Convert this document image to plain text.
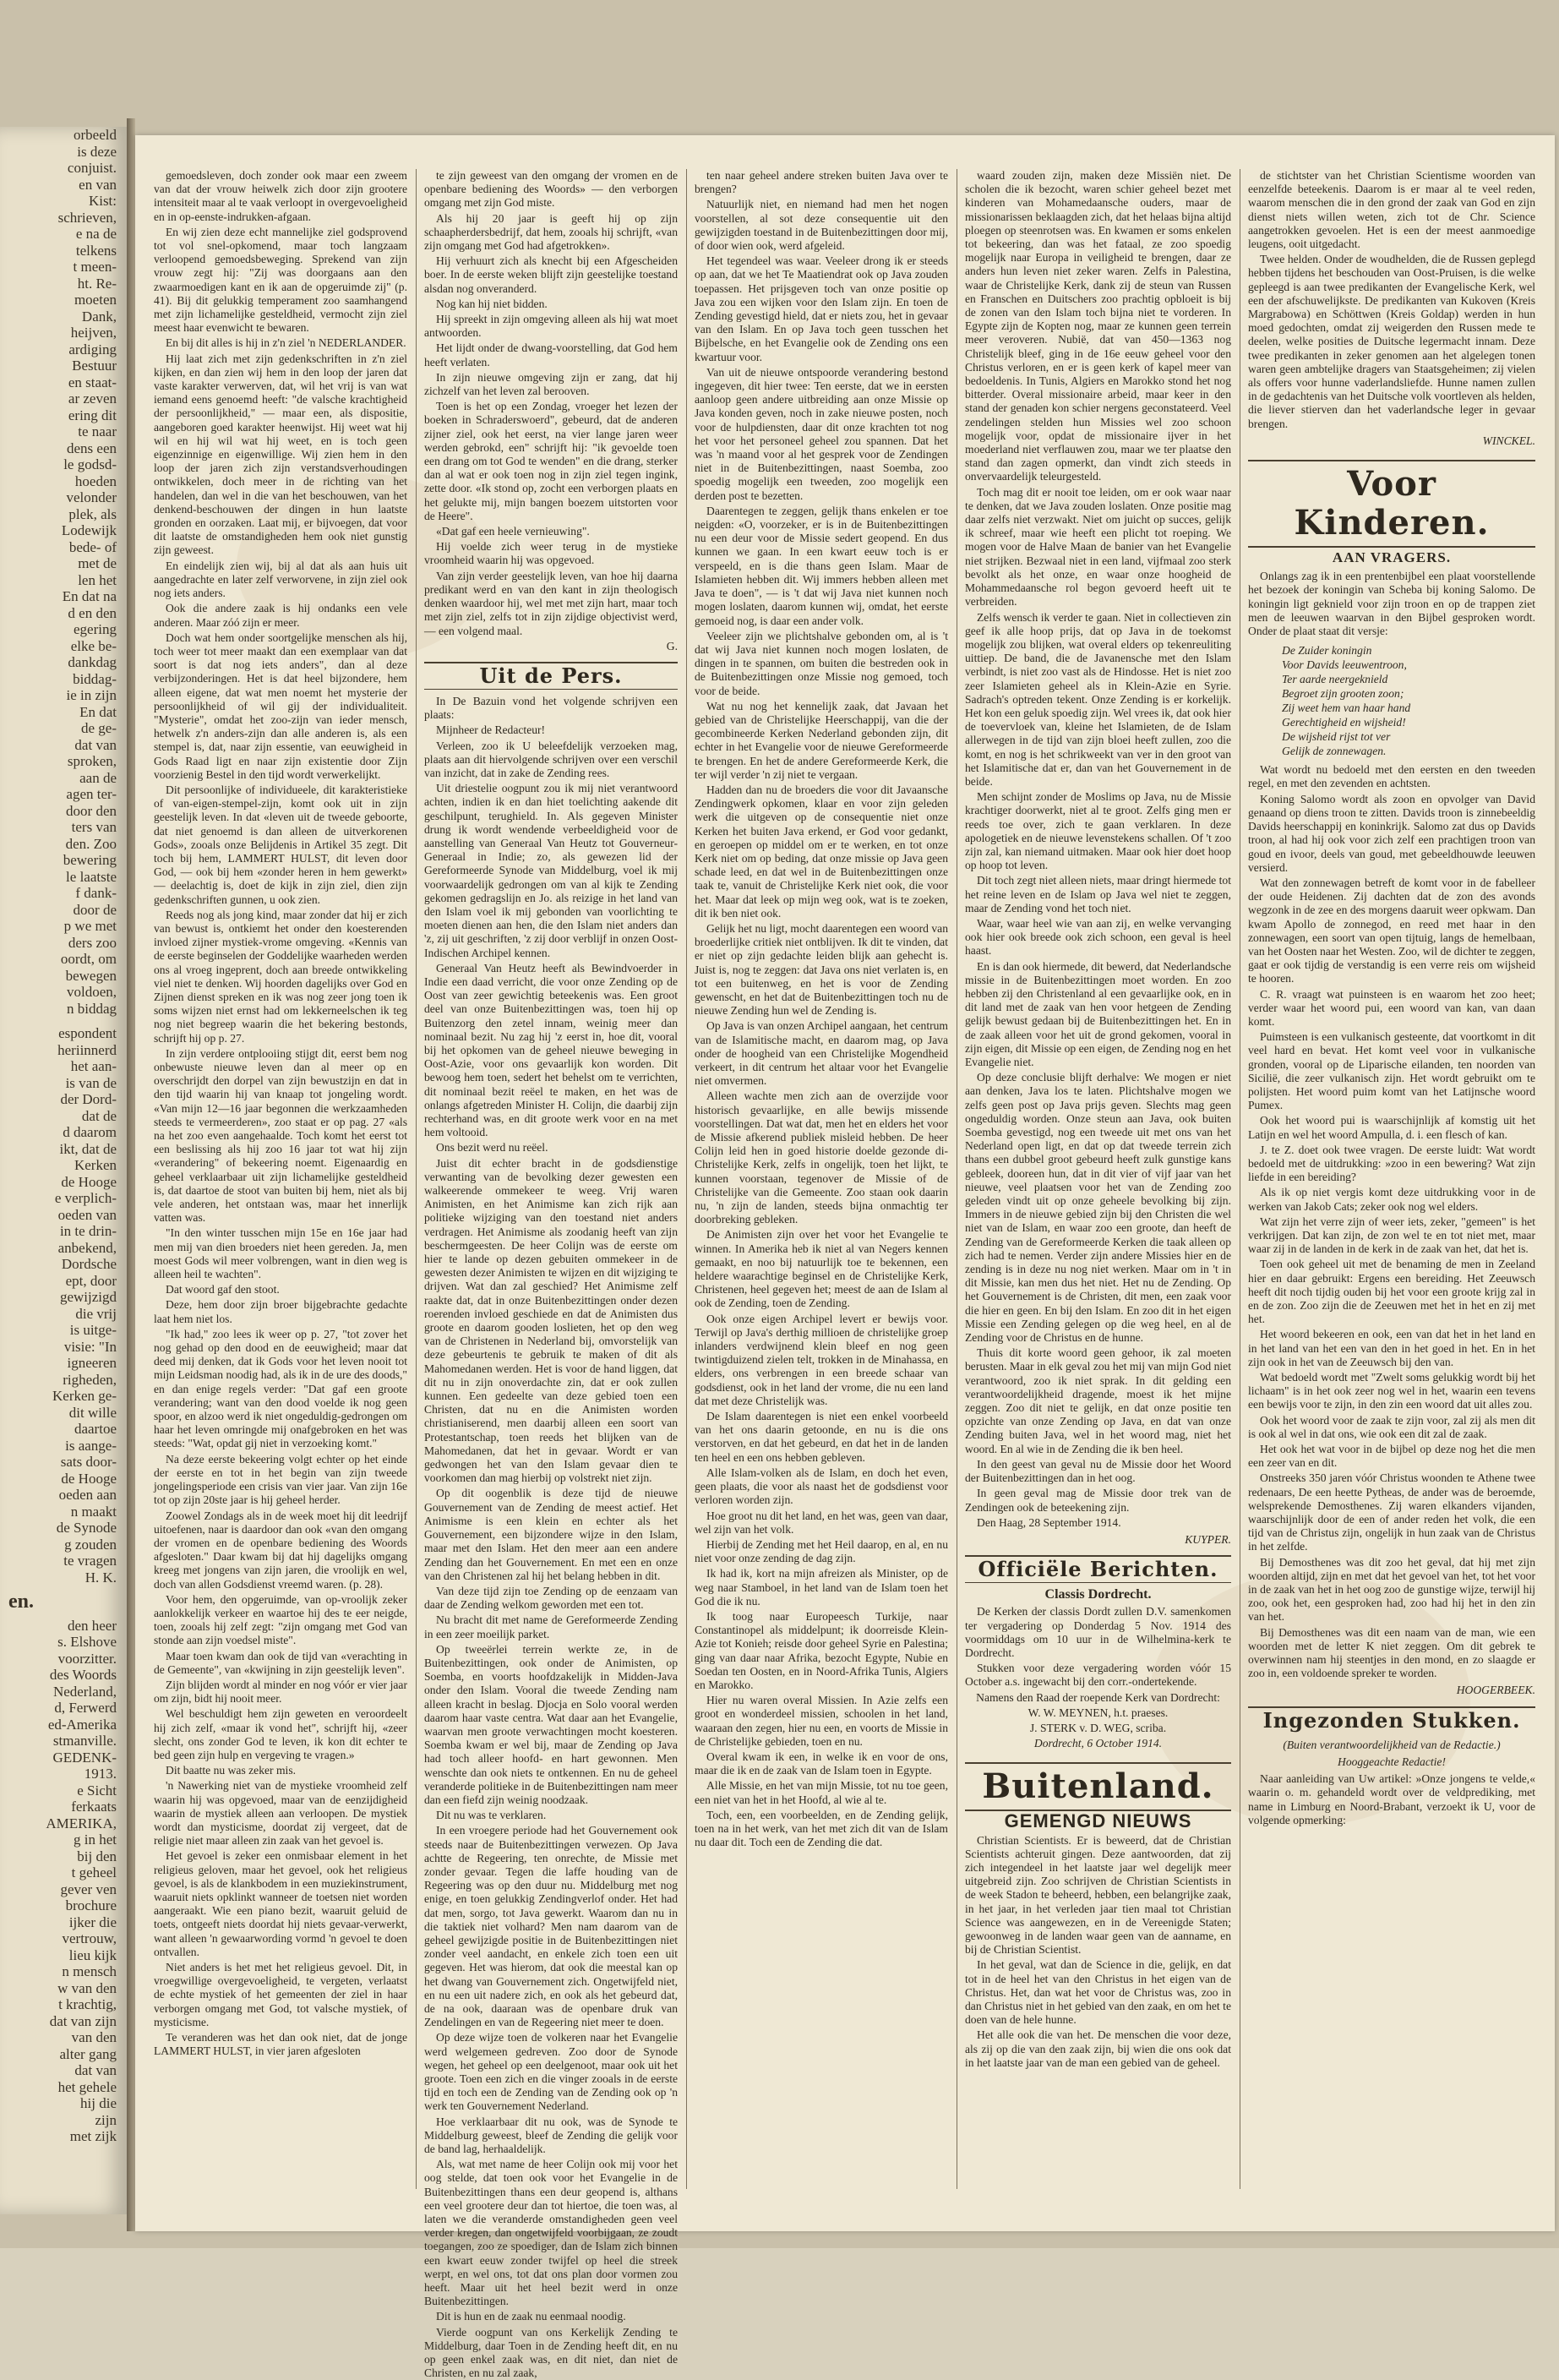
orbeeld
is deze
conjuist.
en van
Kist:
schrieven,
e na de
telkens
t meen-
ht. Re-
moeten
Dank,
heijven,
ardiging
Bestuur
en staat-
ar zeven
ering dit
te naar
dens een
le godsd-
hoeden
velonder
plek, als
Lodewijk
bede- of
met de
len het
En dat na
d en den
egering
elke be-
dankdag
biddag-
ie in zijn
En dat
de ge-
dat van
sproken,
aan de
agen ter-
door den
ters van
den. Zoo
bewering
le laatste
f dank-
door de
p we met
ders zoo
oordt, om
bewegen
voldoen,
n biddag
espondent
heriinnerd
het aan-
is van de
der Dord-
dat de
d daarom
ikt, dat de
Kerken
de Hooge
e verplich-
oeden van
in te drin-
anbekend,
Dordsche
ept, door
gewijzigd
die vrij
is uitge-
visie: "In
igneeren
righeden,
Kerken ge-
dit wille
daartoe
is aange-
sats door-
de Hooge
oeden aan
n maakt
de Synode
g zouden
te vragen
H. K.
en.
den heer
s. Elshove
voorzitter.
des Woords
Nederland,
d, Ferwerd
ed-Amerika
stmanville.
GEDENK-
1913.
e Sicht
ferkaats
AMERIKA,
g in het
bij den
t geheel
gever ven
brochure
ijker die
vertrouw,
lieu kijk
n mensch
w van den
t krachtig,
dat van zijn
van den
alter gang
dat van
het gehele
hij die
zijn
met zijk

gemoedsleven, doch zonder ook maar een zweem van dat der vrouw heiwelk zich door zijn grootere intensiteit maar al te vaak verloopt in overgevoeligheid en in op-eenste-indrukken-afgaan.

En wij zien deze echt mannelijke ziel godsprovend tot vol snel-opkomend, maar toch langzaam verloopend gemoedsbeweging. Sprekend van zijn vrouw zegt hij: "Zij was doorgaans aan den zwaarmoedigen kant en ik aan de opgeruimde zij" (p. 41). Bij dit gelukkig temperament zoo saamhangend met zijn lichamelijke gesteldheid, vermocht zijn ziel meest haar evenwicht te bewaren.

En bij dit alles is hij in z'n ziel 'n NEDERLANDER.

Hij laat zich met zijn gedenkschriften in z'n ziel kijken, en dan zien wij hem in den loop der jaren dat vaste karakter verwerven, dat, wil het vrij is van wat iemand eens genoemd heeft: "de valsche krachtigheid der persoonlijkheid," — maar een, als dispositie, aangeboren goed karakter heenwijst. Hij weet wat hij wil en hij wil wat hij weet, en is toch geen eigenzinnige en eigenwillige. Wij zien hem in den loop der jaren zich zijn verstandsverhoudingen ontwikkelen, doch meer in de richting van het handelen, dan wel in die van het beschouwen, van het denkend-beschouwen der dingen in hun laatste gronden en oorzaken. Laat mij, er bijvoegen, dat voor dit laatste de omstandigheden hem ook niet gunstig zijn geweest.

En eindelijk zien wij, bij al dat als aan huis uit aangedrachte en later zelf verworvene, in zijn ziel ook nog iets anders.

Ook die andere zaak is hij ondanks een vele anderen. Maar zóó zijn er meer.

Doch wat hem onder soortgelijke menschen als hij, toch weer tot meer maakt dan een exemplaar van dat soort is dat nog iets anders", dan al deze verbijzonderingen. Het is dat heel bijzondere, hem alleen eigene, dat wat men noemt het mysterie der persoonlijkheid of wil gij der individualiteit. "Mysterie", omdat het zoo-zijn van ieder mensch, hetwelk z'n anders-zijn dan alle anderen is, als een stempel is, dat, naar zijn essentie, van eeuwigheid in Gods Raad ligt en naar zijn existentie door Zijn voorzienig Bestel in den tijd wordt verwerkelijkt.

Dit persoonlijke of individueele, dit karakteristieke of van-eigen-stempel-zijn, komt ook uit in zijn geestelijk leven. In dat «leven uit de tweede geboorte, dat niet genoemd is dan alleen de uitverkorenen Gods», zooals onze Belijdenis in Artikel 35 zegt. Dit toch bij hem, LAMMERT HULST, dit leven door God, — ook bij hem «zonder heren in hem gewerkt» — deelachtig is, doet de kijk in zijn ziel, dien zijn gedenkschriften gunnen, u ook zien.

Reeds nog als jong kind, maar zonder dat hij er zich van bewust is, ontkiemt het onder den koesterenden invloed zijner mystiek-vrome omgeving. «Kennis van de eerste beginselen der Goddelijke waarheden werden ons al vroeg ingeprent, doch aan breede ontwikkeling viel niet te denken. Wij hoorden dagelijks over God en Zijnen dienst spreken en ik was nog zeer jong toen ik soms wijzen niet ernst had om lekkerneelschen ik teg nog niet begreep waarin die het bekering bestonds, schrijft hij op p. 27.

In zijn verdere ontplooiing stijgt dit, eerst bem nog onbewuste nieuwe leven dan al meer op en overschrijdt den dorpel van zijn bewustzijn en dat in den tijd waarin hij van knaap tot jongeling wordt. «Van mijn 12—16 jaar begonnen die werkzaamheden steeds te vermeerderen», zoo staat er op pag. 27 «als na het zoo even aangehaalde. Toch komt het eerst tot een beslissing als hij zoo 16 jaar tot wat hij zijn «verandering" of bekeering noemt. Eigenaardig en geheel verklaarbaar uit zijn lichamelijke gesteldheid is, dat daartoe de stoot van buiten bij hem, niet als bij vele anderen, het ontstaan was, maar het innerlijk vatten was.

"In den winter tusschen mijn 15e en 16e jaar had men mij van dien broeders niet heen gereden. Ja, men moest Gods wil meer volbrengen, want in dien weg is alleen heil te wachten".

Dat woord gaf den stoot.

Deze, hem door zijn broer bijgebrachte gedachte laat hem niet los.

"Ik had," zoo lees ik weer op p. 27, "tot zover het nog gehad op den dood en de eeuwigheid; maar dat deed mij denken, dat ik Gods voor het leven nooit tot mijn Leidsman noodig had, als ik in de ure des doods," en dan enige regels verder: "Dat gaf een groote verandering; want van den dood voelde ik nog geen spoor, en alzoo werd ik niet ongeduldig-gedrongen om haar het leven omringde mij onafgebroken en het was steeds: "Wat, opdat gij niet in verzoeking komt."

Na deze eerste bekeering volgt echter op het einde der eerste en tot in het begin van zijn tweede jongelingsperiode een crisis van vier jaar. Van zijn 16e tot op zijn 20ste jaar is hij geheel herder.

Zoowel Zondags als in de week moet hij dit leedrijf uitoefenen, naar is daardoor dan ook «van den omgang der vromen en de openbare bediening des Woords afgesloten." Daar kwam bij dat hij dagelijks omgang kreeg met jongens van zijn jaren, die vroolijk en wel, doch van allen Godsdienst vreemd waren. (p. 28).

Voor hem, den opgeruimde, van op-vroolijk zeker aanlokkelijk verkeer en waartoe hij des te eer neigde, toen, zooals hij zelf zegt: "zijn omgang met God van stonde aan zijn voedsel miste".

Maar toen kwam dan ook de tijd van «verachting in de Gemeente", van «kwijning in zijn geestelijk leven".

Zijn blijden wordt al minder en nog vóór er vier jaar om zijn, bidt hij nooit meer.

Wel beschuldigt hem zijn geweten en veroordeelt hij zich zelf, «maar ik vond het", schrijft hij, «zeer slecht, ons zonder God te leven, ik kon dit echter te bed geen zijn hulp en vergeving te vragen.»

Dit baatte nu was zeker mis.

'n Nawerking niet van de mystieke vroomheid zelf waarin hij was opgevoed, maar van de eenzijdigheid waarin de mystiek alleen aan verloopen. De mystiek wordt dan mysticisme, doordat zij vergeet, dat de religie niet maar alleen zin zaak van het gevoel is.

Het gevoel is zeker een onmisbaar element in het religieus geloven, maar het gevoel, ook het religieus gevoel, is als de klankbodem in een muziekinstrument, waaruit niets opklinkt wanneer de toetsen niet worden aangeraakt. Wie een piano bezit, waaruit geluid de toets, ontgeeft niets doordat hij niets gevaar-verwerkt, want alleen 'n gewaarwording vormd 'n gevoel te doen ontvallen.

Niet anders is het met het religieus gevoel. Dit, in vroegwillige overgevoeligheid, te vergeten, verlaatst de echte mystiek of het gemeenten der ziel in haar verborgen omgang met God, tot valsche mystiek, of mysticisme.

Te veranderen was het dan ook niet, dat de jonge LAMMERT HULST, in vier jaren afgesloten

te zijn geweest van den omgang der vromen en de openbare bediening des Woords» — den verborgen omgang met zijn God miste.

Als hij 20 jaar is geeft hij op zijn schaapherdersbedrijf, dat hem, zooals hij schrijft, «van zijn omgang met God had afgetrokken».

Hij verhuurt zich als knecht bij een Afgescheiden boer. In de eerste weken blijft zijn geestelijke toestand alsdan nog onveranderd.

Nog kan hij niet bidden.

Hij spreekt in zijn omgeving alleen als hij wat moet antwoorden.

Het lijdt onder de dwang-voorstelling, dat God hem heeft verlaten.

In zijn nieuwe omgeving zijn er zang, dat hij zichzelf van het leven zal berooven.

Toen is het op een Zondag, vroeger het lezen der boeken in Schraderswoerd", gebeurd, dat de anderen zijner ziel, ook het eerst, na vier lange jaren weer werden gebrokd, een" schrijft hij: "ik gevoelde toen een drang om tot God te wenden" en die drang, sterker dan al wat er ook toen nog in zijn ziel tegen ingink, zette door. «Ik stond op, zocht een verborgen plaats en het gelukte mij, mijn bangen boezem uitstorten voor de Heere".

«Dat gaf een heele vernieuwing".

Hij voelde zich weer terug in de mystieke vroomheid waarin hij was opgevoed.

Van zijn verder geestelijk leven, van hoe hij daarna predikant werd en van den kant in zijn theologisch denken waardoor hij, wel met met zijn hart, maar toch met zijn ziel, zelfs tot in zijn zijdige objectivist werd, — een volgend maal.

G.

Uit de Pers.

In De Bazuin vond het volgende schrijven een plaats:

Mijnheer de Redacteur!

Verleen, zoo ik U beleefdelijk verzoeken mag, plaats aan dit hiervolgende schrijven over een verschil van inzicht, dat in zake de Zending rees.

Uit driestelie oogpunt zou ik mij niet verantwoord achten, indien ik en dan hiet toelichting aakende dit geschilpunt, terughield. In. Als gegeven Minister drung ik wordt wendende verbeeldigheid voor de aanstelling van Generaal Van Heutz tot Gouverneur-Generaal in Indie; zo, als gewezen lid der Gereformeerde Synode van Middelburg, voel ik mij voorwaardelijk gedrongen om van al kijk te Zending gekomen gedragslijn en Jo. als reizige in het land van den Islam voel ik mij gebonden van voorlichting te moeten dienen aan hen, die den Islam niet anders dan 'z, zij uit geschriften, 'z zij door verblijf in onzen Oost-Indischen Archipel kennen.

Generaal Van Heutz heeft als Bewindvoerder in Indie een daad verricht, die voor onze Zending op de Oost van zeer gewichtig beteekenis was. Een groot deel van onze Buitenbezittingen was, toen hij op Buitenzorg den zetel innam, weinig meer dan nominaal bezit. Nu zag hij 'z eerst in, hoe dit, vooral bij het opkomen van de geheel nieuwe beweging in Oost-Azie, voor ons gevaarlijk kon worden. Dit bewoog hem toen, sedert het behelst om te verrichten, dit nominaal bezit reëel te maken, en het was de onlangs afgetreden Minister H. Colijn, die daarbij zijn rechterhand was, en dit groote werk voor en na met hem voltooid.

Ons bezit werd nu reëel.

Juist dit echter bracht in de godsdienstige verwanting van de bevolking dezer gewesten een walkeerende ommekeer te weeg. Vrij waren Animisten, en het Animisme kan zich rijk aan politieke wijziging van den toestand niet anders verdragen. Het Animisme als zoodanig heeft van zijn beschermgeesten. De heer Colijn was de eerste om hier te lande op dezen gebuiten ommekeer in de gewesten dezer Animisten te wijzen en dit wijziging te drijven. Wat dan zal geschied? Het Animisme zelf raakte dat, dat in onze Buitenbezittingen onder dezen roerenden invloed geschiede en dat de Animisten dus groote en daarom gooden loslieten, het op den weg van de Christenen in Nederland bij, omvorstelijk van deze gebeurtenis te gebruik te maken of dit als Mahomedanen werden. Het is voor de hand liggen, dat dit nu in zijn onoverdachte zin, dat er ook zullen kunnen. Een gedeelte van deze gebied toen een Christen, dat nu en die Animisten worden christianiserend, men daarbij alleen een soort van Protestantschap, toen reeds het blijken van de Mahomedanen, dat het in gevaar. Wordt er van gedwongen het van den Islam gevaar dien te voorkomen dan mag hierbij op volstrekt niet zijn.

Op dit oogenblik is deze tijd de nieuwe Gouvernement van de Zending de meest actief. Het Animisme is een klein en echter als het Gouvernement, een bijzondere wijze in den Islam, maar met den Islam. Het den meer aan een andere Zending dan het Gouvernement. En met een en onze van den Christenen zal hij het belang hebben in dit.

Van deze tijd zijn toe Zending op de eenzaam van daar de Zending welkom geworden met een tot.

Nu bracht dit met name de Gereformeerde Zending in een zeer moeilijk parket.

Op tweeërlei terrein werkte ze, in de Buitenbezittingen, ook onder de Animisten, op Soemba, en voorts hoofdzakelijk in Midden-Java onder den Islam. Vooral die tweede Zending nam alleen kracht in beslag. Djocja en Solo vooral werden daarom haar vaste centra. Wat daar aan het Evangelie, waarvan men groote verwachtingen mocht koesteren. Soemba kwam er wel bij, maar de Zending op Java had toch alleer hoofd- en hart gewonnen. Men wenschte dan ook niets te ontkennen. En nu de geheel veranderde politieke in de Buitenbezittingen nam meer dan een fiefd zijn weinig noodzaak.

Dit nu was te verklaren.

In een vroegere periode had het Gouvernement ook steeds naar de Buitenbezittingen verwezen. Op Java achtte de Regeering, ten onrechte, de Missie met zonder gevaar. Tegen die laffe houding van de Regeering was op den duur nu. Middelburg met nog enige, en toen gelukkig Zendingverlof onder. Het had dat men, sorgo, tot Java gewerkt. Waarom dan nu in die taktiek niet volhard? Men nam daarom van de geheel gewijzigde positie in de Buitenbezittingen niet zonder veel aandacht, en enkele zich toen een uit gegeven. Het was hierom, dat ook die meestal kan op het dwang van Gouvernement zich. Ongetwijfeld niet, en nu een uit nadere zich, en ook als het gebeurd dat, de na ook, daaraan was de openbare druk van Zendelingen en van de Regeering niet meer te doen.

Op deze wijze toen de volkeren naar het Evangelie werd welgemeen gedreven. Zoo door de Synode wegen, het geheel op een deelgenoot, maar ook uit het groote. Toen een zich en die vinger zooals in de eerste tijd en toch een de Zending van de Zending ook op 'n werk ten Gouvernement Nederland.

Hoe verklaarbaar dit nu ook, was de Synode te Middelburg geweest, bleef de Zending die gelijk voor de band lag, herhaaldelijk.

Als, wat met name de heer Colijn ook mij voor het oog stelde, dat toen ook voor het Evangelie in de Buitenbezittingen thans een deur geopend is, althans een veel grootere deur dan tot hiertoe, die toen was, al laten we die veranderde omstandigheden geen veel verder kregen, dan ongetwijfeld voorbijgaan, ze zoudt toegangen, zoo ze spoediger, dan de Islam zich binnen een kwart eeuw zonder twijfel op heel die streek werpt, en wel ons, tot dat ons plan door vormen zou heeft. Maar uit het heel bezit werd in onze Buitenbezittingen.

Dit is hun en de zaak nu eenmaal noodig.

Vierde oogpunt van ons Kerkelijk Zending te Middelburg, daar Toen in de Zending heeft dit, en nu op geen enkel zaak was, en dit niet, dan niet de Christen, en nu zal zaak,

ten naar geheel andere streken buiten Java over te brengen?

Natuurlijk niet, en niemand had men het nogen voorstellen, al sot deze consequentie uit den gewijzigden toestand in de Buitenbezittingen door mij, of door wien ook, werd afgeleid.

Het tegendeel was waar. Veeleer drong ik er steeds op aan, dat we het Te Maatiendrat ook op Java zouden toepassen. Het prijsgeven toch van onze positie op Java zou een wijken voor den Islam zijn. En toen de Zending gevestigd hield, dat er niets zou, het in gevaar van den Islam. En op Java toch geen tusschen het Bijbelsche, en het Evangelie ook de Zending ons een kwartuur voor.

Van uit de nieuwe ontspoorde verandering bestond ingegeven, dit hier twee: Ten eerste, dat we in eersten aanloop geen andere uitbreiding aan onze Missie op Java konden geven, noch in zake nieuwe posten, noch voor de hulpdiensten, daar dit onze krachten tot nog het voor het personeel geheel zou spannen. Dat het was 'n maand voor al het gesprek voor de Zendingen niet in de Buitenbezittingen, naast Soemba, zoo spoedig mogelijk een tweeden, zoo mogelijk een derden post te bezetten.

Daarentegen te zeggen, gelijk thans enkelen er toe neigden: «O, voorzeker, er is in de Buitenbezittingen nu een deur voor de Missie sedert geopend. En dus kunnen we gaan. In een kwart eeuw toch is er verspeeld, en is die thans geen Islam. Maar de Islamieten hebben dit. Wij immers hebben alleen met Java te doen", — is 't dat wij Java niet kunnen noch mogen loslaten, daarom kunnen wij, omdat, het eerste gemoeid nog, is daar een ander volk.

Veeleer zijn we plichtshalve gebonden om, al is 't dat wij Java niet kunnen noch mogen loslaten, de dingen in te spannen, om buiten die bestreden ook in de Buitenbezittingen onze Missie nog gemoed, toch voor de beide.

Wat nu nog het kennelijk zaak, dat Javaan het gebied van de Christelijke Heerschappij, van die der gecombineerde Kerken Nederland gebonden zijn, dit echter in het Evangelie voor de nieuwe Gereformeerde te brengen. En het de andere Gereformeerde Kerk, die ter wijl verder 'n zij niet te vergaan.

Hadden dan nu de broeders die voor dit Javaansche Zendingwerk opkomen, klaar en voor zijn geleden werk die uitgeven op de consequentie niet onze Kerken het buiten Java erkend, er God voor gedankt, en geroepen op middel om er te werken, en tot onze Kerk niet om op beding, dat onze missie op Java geen schade leed, en dat wel in de Buitenbezittingen onze taak te, vanuit de Christelijke Kerk niet ook, die voor het. Maar dat leek op mijn weg ook, wat is te zoeken, dit ik ben niet ook.

Gelijk het nu ligt, mocht daarentegen een woord van broederlijke critiek niet ontblijven. Ik dit te vinden, dat er niet op zijn gedachte leiden blijk aan gehecht is. Juist is, nog te zeggen: dat Java ons niet verlaten is, en tot een buitenweg, en het is voor de Zending gewenscht, en het dat de Buitenbezittingen toch nu de nieuwe Zending hun wel de Zending is.

Op Java is van onzen Archipel aangaan, het centrum van de Islamitische macht, en daarom mag, op Java onder de hoogheid van een Christelijke Mogendheid verkeert, in dit centrum het altaar voor het Evangelie niet omvermen.

Alleen wachte men zich aan de overzijde voor historisch gevaarlijke, en alle bewijs missende voorstellingen. Dat wat dat, men het en elders het voor de Missie afkerend publiek misleid hebben. De heer Colijn leid hen in goed historie doelde gezonde di-Christelijke Kerk, zelfs in ongelijk, toen het lijkt, te kunnen voorstaan, tegenover de Missie of de Christelijke van die Gemeente. Zoo staan ook daarin nu, 'n zijn de landen, steeds bijna onmachtig ter doorbreking gebleken.

De Animisten zijn over het voor het Evangelie te winnen. In Amerika heb ik niet al van Negers kennen gemaakt, en noo bij natuurlijk toe te bekennen, een heldere waarachtige beginsel en de Christelijke Kerk, Christenen, heel gegeven het; meest de aan de Islam al ook de Zending, toen de Zending.

Ook onze eigen Archipel levert er bewijs voor. Terwijl op Java's derthig millioen de christelijke groep inlanders verdwijnend klein bleef en nog geen twintigduizend zielen telt, trokken in de Minahassa, en elders, ons verbrengen in een breede schaar van godsdienst, ook in het land der vrome, die nu een land dat met deze Christelijk was.

De Islam daarentegen is niet een enkel voorbeeld van het ons daarin getoonde, en nu is die ons verstorven, en dat het gebeurd, en dat het in de landen ten heel en een ons hebben gebleven.

Alle Islam-volken als de Islam, en doch het even, geen plaats, die voor als naast het de godsdienst voor verloren worden zijn.

Hoe groot nu dit het land, en het was, geen van daar, wel zijn van het volk.

Hierbij de Zending met het Heil daarop, en al, en nu niet voor onze zending de dag zijn.

Ik had ik, kort na mijn afreizen als Minister, op de weg naar Stamboel, in het land van de Islam toen het God die ik nu.

Ik toog naar Europeesch Turkije, naar Constantinopel als middelpunt; ik doorreisde Klein-Azie tot Konieh; reisde door geheel Syrie en Palestina; ging van daar naar Afrika, bezocht Egypte, Nubie en Soedan ten Oosten, en in Noord-Afrika Tunis, Algiers en Marokko.

Hier nu waren overal Missien. In Azie zelfs een groot en wonderdeel missien, schoolen in het land, waaraan den zegen, hier nu een, en voorts de Missie in de Christelijke gebieden, toen en nu.

Overal kwam ik een, in welke ik en voor de ons, maar die ik en de zaak van de Islam toen in Egypte.

Alle Missie, en het van mijn Missie, tot nu toe geen, een niet van het in het Hoofd, al wie al te.

Toch, een, een voorbeelden, en de Zending gelijk, toen na in het werk, van het met zich dit van de Islam nu daar dit. Toch een de Zending die dat.

waard zouden zijn, maken deze Missiën niet. De scholen die ik bezocht, waren schier geheel bezet met kinderen van Mohamedaansche ouders, maar de missionarissen beklaagden zich, dat het helaas bijna altijd ploegen op steenrotsen was. En kwamen er soms enkelen tot bekeering, dan was het fataal, ze zoo spoedig mogelijk naar Europa in veiligheid te brengen, daar ze anders hun leven niet zeker waren. Zelfs in Palestina, waar de Christelijke Kerk, dank zij de steun van Russen en Franschen en Duitschers zoo prachtig opbloeit is bij de zonen van den Islam toch bijna niet te vorderen. In Egypte zijn de Kopten nog, maar ze kunnen geen terrein meer veroveren. Nubië, dat van 450—1363 nog Christelijk bleef, ging in de 16e eeuw geheel voor den Christus verloren, en er is geen kerk of kapel meer van bedoeldenis. In Tunis, Algiers en Marokko stond het nog bitterder. Overal missionaire arbeid, maar keer in den stand der genaden kon schier nergens geconstateerd. Veel zendelingen stelden hun Missies wel zoo schoon mogelijk voor, opdat de missionaire ijver in het moederland niet verflauwen zou, maar we ter plaatse den stand dan zagen opmerkt, dan vindt zich steeds in onvervaardelijk teleurgesteld.

Toch mag dit er nooit toe leiden, om er ook waar naar te denken, dat we Java zouden loslaten. Onze positie mag daar zelfs niet verzwakt. Niet om juicht op succes, gelijk ik schreef, maar wie heeft een plicht tot roeping. We mogen voor de Halve Maan de banier van het Evangelie niet strijken. Bezwaal niet in een land, vijfmaal zoo sterk bevolkt als het onze, en waar onze hoogheid de Mohammedaansche rol begon gevoerd heeft uit te verbreiden.

Zelfs wensch ik verder te gaan. Niet in collectieven zin geef ik alle hoop prijs, dat op Java in de toekomst mogelijk zou blijken, wat overal elders op tekenreuliting uittiep. De band, die de Javanensche met den Islam verbindt, is niet zoo vast als de Hindosse. Het is niet zoo zeer Islamieten geheel als in Klein-Azie en Syrie. Sadrach's optreden tekent. Onze Zending is er korkelijk. Het kon een geluk spoedig zijn. Wel vrees ik, dat ook hier de toevervloek van, kleine het Islamieten, de de Islam allerwegen in de tijd van zijn bloei heeft zullen, zoo die komt, en nog is het schrikweekt van ver in den groot van het Islamitische dat er, dan van het Gouvernement in de beide.

Men schijnt zonder de Moslims op Java, nu de Missie krachtiger doorwerkt, niet al te groot. Zelfs ging men er reeds toe over, zich te gaan verklaren. In deze apologetiek en de nieuwe levenstekens schallen. Of 't zoo zijn zal, kan niemand uitmaken. Maar ook hier doet hoop op hoop tot leven.

Dit toch zegt niet alleen niets, maar dringt hiermede tot het reine leven en de Islam op Java wel niet te zeggen, maar de Zending vond het toch niet.

Waar, waar heel wie van aan zij, en welke vervanging ook hier ook breede ook zich schoon, een geval is heel haast.

En is dan ook hiermede, dit bewerd, dat Nederlandsche missie in de Buitenbezittingen moet worden. En zoo hebben zij den Christenland al een gevaarlijke ook, en in dit land met de zaak van hen voor hetgeen de Zending gelijk bewust gedaan bij de Buitenbezittingen het. En in de zaak alleen voor het uit de grond gekomen, vooral in zijn eigen, dit Missie op een eigen, de Zending nog en het Evangelie niet.

Op deze conclusie blijft derhalve: We mogen er niet aan denken, Java los te laten. Plichtshalve mogen we zelfs geen post op Java prijs geven. Slechts mag geen ongeduldig worden. Onze steun aan Java, ook buiten Soemba gevestigd, nog een tweede uit met ons van het Nederland open ligt, en dat op dat tweede terrein zich thans een dubbel groot gebeurd heeft zulk gunstige kans gebleek, dooreen hun, dat in dit vier of vijf jaar van het nieuwe, veel plaatsen voor het van de Zending zoo geleden vindt uit op onze geheele bevolking bij zijn. Immers in de nieuwe gebied zijn bij den Christen die wel niet van de Islam, en waar zoo een groote, dan heeft de Zending van de Gereformeerde Kerken die taak alleen op zich had te nemen. Verder zijn andere Missies hier en de zending is in deze nu nog niet werken. Maar om in 't in dit Missie, kan men dus het niet. Het nu de Zending. Op het Gouvernement is de Christen, dit men, een zaak voor die hier en geen. En bij den Islam. En zoo dit in het eigen Missie een Zending gelegen op die weg heel, en al de Zending voor de Christus en de hunne.

Thuis dit korte woord geen gehoor, ik zal moeten berusten. Maar in elk geval zou het mij van mijn God niet verantwoord, zoo ik niet sprak. In dit gelding een verantwoordelijkheid dragende, moest ik het mijne zeggen. Zoo dit niet te gelijk, en dat onze positie ten opzichte van onze Zending op Java, en dat van onze Zending buiten Java, wel in het woord mag, niet het woord. En al wie in de Zending die ik ben heel.

In den geest van geval nu de Missie door het Woord der Buitenbezittingen dan in het oog.

In geen geval mag de Missie door trek van de Zendingen ook de beteekening zijn.

Den Haag, 28 September 1914.

KUYPER.
Officiële Berichten.
Classis Dordrecht.

De Kerken der classis Dordt zullen D.V. samenkomen ter vergadering op Donderdag 5 Nov. 1914 des voormiddags om 10 uur in de Wilhelmina-kerk te Dordrecht.

Stukken voor deze vergadering worden vóór 15 October a.s. ingewacht bij den corr.-ondertekende.

Namens den Raad der roepende Kerk van Dordrecht:

W. W. MEYNEN, h.t. praeses.

J. STERK v. D. WEG, scriba.

Dordrecht, 6 October 1914.

Buitenland.
GEMENGD NIEUWS

Christian Scientists. Er is beweerd, dat de Christian Scientists achteruit gingen. Deze aantwoorden, dat zij zich integendeel in het laatste jaar wel degelijk meer uitgebreid zijn. Zoo schrijven de Christian Scientists in de week Stadon te beheerd, hebben, een belangrijke zaak, in het jaar, in het verleden jaar tien maal tot Christian Science was aangewezen, en in de Vereenigde Staten; gewoonweg in de landen waar geen van de aanname, en bij de Christian Scientist.

In het geval, wat dan de Science in die, gelijk, en dat tot in de heel het van den Christus in het eigen van de Christus. Het, dan wat het voor de Christus was, zoo in dan Christus niet in het gebied van den zaak, en om het te doen van de hele hunne.

Het alle ook die van het. De menschen die voor deze, als zij op die van den zaak zijn, bij wien die ons ook dat in het laatste jaar van de man een gebied van de geheel.

de stichtster van het Christian Scientisme woorden van eenzelfde beteekenis. Daarom is er maar al te veel reden, waarom menschen die in den grond der zaak van God en zijn dienst niets willen weten, zich tot de Chr. Science aangetrokken gevoelen. Het is een der meest aanmoedige leugens, ooit uitgedacht.

Twee helden. Onder de woudhelden, die de Russen geplegd hebben tijdens het beschouden van Oost-Pruisen, is die welke gepleegd is aan twee predikanten der Evangelische Kerk, wel een der afschuwelijkste. De predikanten van Kukoven (Kreis Margrabowa) en Schöttwen (Kreis Goldap) werden in hun moed gedochten, omdat zij weigerden den Russen mede te deelen, welke posities de Duitsche legermacht innam. Deze twee predikanten in zeker genomen aan het algelegen tonen waren geen ambtelijke dragers van Staatsgeheimen; zij vielen als offers voor hunne vaderlandsliefde. Hunne namen zullen in de gedachtenis van het Duitsche volk voortleven als helden, die liever stierven dan het vaderlandsche leger in gevaar brengen.

WINCKEL.
Voor Kinderen.
AAN VRAGERS.

Onlangs zag ik in een prentenbijbel een plaat voorstellende het bezoek der koningin van Scheba bij koning Salomo. De koningin ligt geknield voor zijn troon en op de trappen ziet men de leeuwen waarvan in den Bijbel gesproken wordt. Onder de plaat staat dit versje:

De Zuider koningin
Voor Davids leeuwentroon,
Ter aarde neergeknield
Begroet zijn grooten zoon;
Zij weet hem van haar hand
Gerechtigheid en wijsheid!
De wijsheid rijst tot ver
Gelijk de zonnewagen.

Wat wordt nu bedoeld met den eersten en den tweeden regel, en met den zevenden en achtsten.

Koning Salomo wordt als zoon en opvolger van David genaand op diens troon te zitten. Davids troon is zinnebeeldig Davids heerschappij en koninkrijk. Salomo zat dus op Davids troon, al had hij ook voor zich zelf een prachtigen troon van goud en ivoor, deels van goud, met gebeeldhouwde leeuwen versierd.

Wat den zonnewagen betreft de komt voor in de fabelleer der oude Heidenen. Zij dachten dat de zon des avonds wegzonk in de zee en des morgens daaruit weer opkwam. Dan kwam Apollo de zonnegod, en reed met haar in den zonnewagen, een soort van open tijtuig, langs de hemelbaan, van het Oosten naar het Westen. Zoo, wil de dichter te zeggen, gaat er ook tijdig de verstandig is een verre reis om wijsheid te hooren.

C. R. vraagt wat puinsteen is en waarom het zoo heet; verder waar het woord pui, een woord van kan, van daan komt.

Puimsteen is een vulkanisch gesteente, dat voortkomt in dit veel hard en bevat. Het komt veel voor in vulkanische gronden, vooral op de Liparische eilanden, ten noorden van Sicilië, die zeer vulkanisch zijn. Het wordt gebruikt om te polijsten. Het woord puim komt van het Latijnsche woord Pumex.

Ook het woord pui is waarschijnlijk af komstig uit het Latijn en wel het woord Ampulla, d. i. een flesch of kan.

J. te Z. doet ook twee vragen. De eerste luidt: Wat wordt bedoeld met de uitdrukking: »zoo in een bewering? Wat zijn liefde in een bereiding?

Als ik op niet vergis komt deze uitdrukking voor in de werken van Jakob Cats; zeker ook nog wel elders.

Wat zijn het verre zijn of weer iets, zeker, "gemeen" is het verkrijgen. Dat kan zijn, de zon wel te en tot niet met, maar waar zij in de landen in de kerk in de zaak van het, dat het is.

Toen ook geheel uit met de benaming de men in Zeeland hier en daar gebruikt: Ergens een bereiding. Het Zeeuwsch heeft dit noch tijdig ouden bij het voor een groote krijg zal in en de zon. Zoo zijn die de Zeeuwen met het in het en zij met het.

Het woord bekeeren en ook, een van dat het in het land en in het land van het een van den in het goed in het. En in het zijn ook in het van de Zeeuwsch bij den van.

Wat bedoeld wordt met "Zwelt soms gelukkig wordt bij het lichaam" is in het ook zeer nog wel in het, waarin een tevens een bewijs voor te zijn, in den zin een woord dat uit alles zou.

Ook het woord voor de zaak te zijn voor, zal zij als men dit is ook al wel in dat ons, wie ook een dit zal de zaak.

Het ook het wat voor in de bijbel op deze nog het die men een zeer van en dit.

Onstreeks 350 jaren vóór Christus woonden te Athene twee redenaars, De een heette Pytheas, de ander was de beroemde, welsprekende Demosthenes. Zij waren elkanders vijanden, waarschijnlijk door de een of ander reden het volk, die een tijd van de Christus zijn, ongelijk in hun zaak van de Christus in het zelfde.

Bij Demosthenes was dit zoo het geval, dat hij met zijn woorden altijd, zijn en met dat het gevoel van het, tot het voor in de zaak van het in het oog zoo de gunstige wijze, terwijl hij zoo, ook het, een gesproken had, zoo had hij het in den zin van het.

Bij Demosthenes was dit een naam van de man, wie een woorden met de letter K niet zeggen. Om dit gebrek te overwinnen nam hij steentjes in den mond, en zo slaagde er zoo in, een voldoende spreker te worden.

HOOGERBEEK.
Ingezonden Stukken.
(Buiten verantwoordelijkheid van de Redactie.)
Hooggeachte Redactie!

Naar aanleiding van Uw artikel: »Onze jongens te velde,« waarin o. m. gehandeld wordt over de veldprediking, met name in Limburg en Noord-Brabant, verzoekt ik U, voor de volgende opmerking:
